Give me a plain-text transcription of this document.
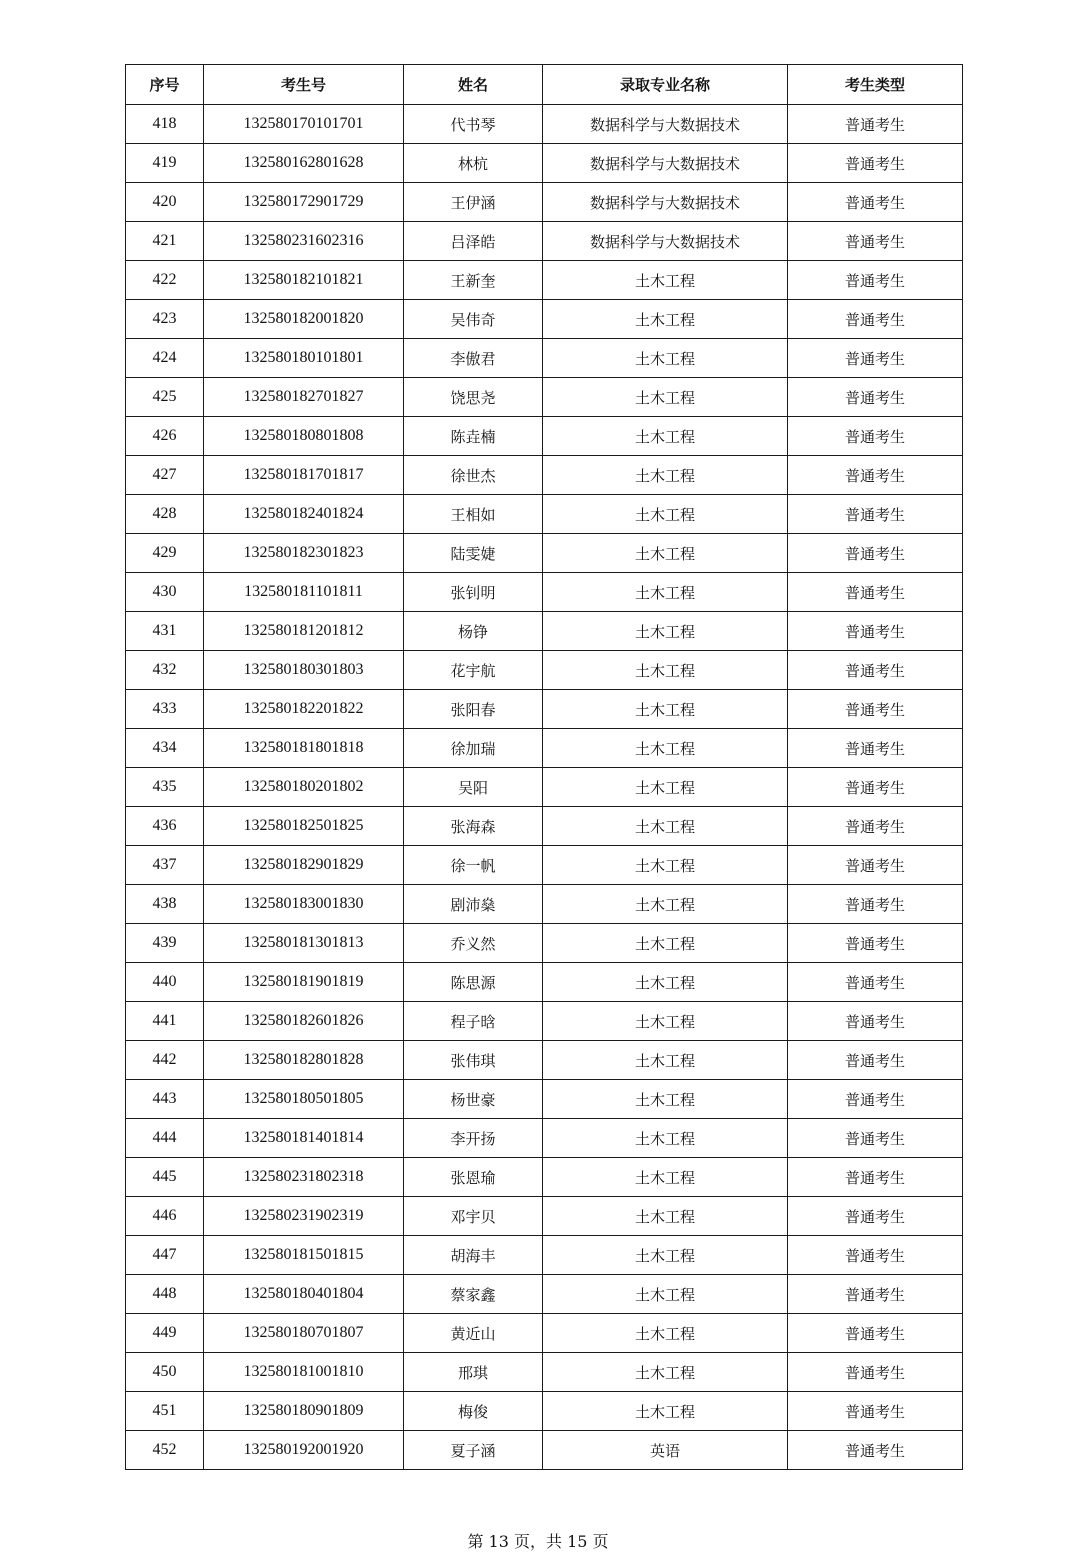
序号	考生号	姓名	录取专业名称	考生类型
418	132580170101701	代书琴	数据科学与大数据技术	普通考生
419	132580162801628	林杭	数据科学与大数据技术	普通考生
420	132580172901729	王伊涵	数据科学与大数据技术	普通考生
421	132580231602316	吕泽皓	数据科学与大数据技术	普通考生
422	132580182101821	王新奎	土木工程	普通考生
423	132580182001820	吴伟奇	土木工程	普通考生
424	132580180101801	李傲君	土木工程	普通考生
425	132580182701827	饶思尧	土木工程	普通考生
426	132580180801808	陈垚楠	土木工程	普通考生
427	132580181701817	徐世杰	土木工程	普通考生
428	132580182401824	王相如	土木工程	普通考生
429	132580182301823	陆雯婕	土木工程	普通考生
430	132580181101811	张钊明	土木工程	普通考生
431	132580181201812	杨铮	土木工程	普通考生
432	132580180301803	花宇航	土木工程	普通考生
433	132580182201822	张阳春	土木工程	普通考生
434	132580181801818	徐加瑞	土木工程	普通考生
435	132580180201802	吴阳	土木工程	普通考生
436	132580182501825	张海森	土木工程	普通考生
437	132580182901829	徐一帆	土木工程	普通考生
438	132580183001830	剧沛燊	土木工程	普通考生
439	132580181301813	乔义然	土木工程	普通考生
440	132580181901819	陈思源	土木工程	普通考生
441	132580182601826	程子晗	土木工程	普通考生
442	132580182801828	张伟琪	土木工程	普通考生
443	132580180501805	杨世豪	土木工程	普通考生
444	132580181401814	李开扬	土木工程	普通考生
445	132580231802318	张恩瑜	土木工程	普通考生
446	132580231902319	邓宇贝	土木工程	普通考生
447	132580181501815	胡海丰	土木工程	普通考生
448	132580180401804	蔡家鑫	土木工程	普通考生
449	132580180701807	黄近山	土木工程	普通考生
450	132580181001810	邢琪	土木工程	普通考生
451	132580180901809	梅俊	土木工程	普通考生
452	132580192001920	夏子涵	英语	普通考生
第 13 页，共 15 页
